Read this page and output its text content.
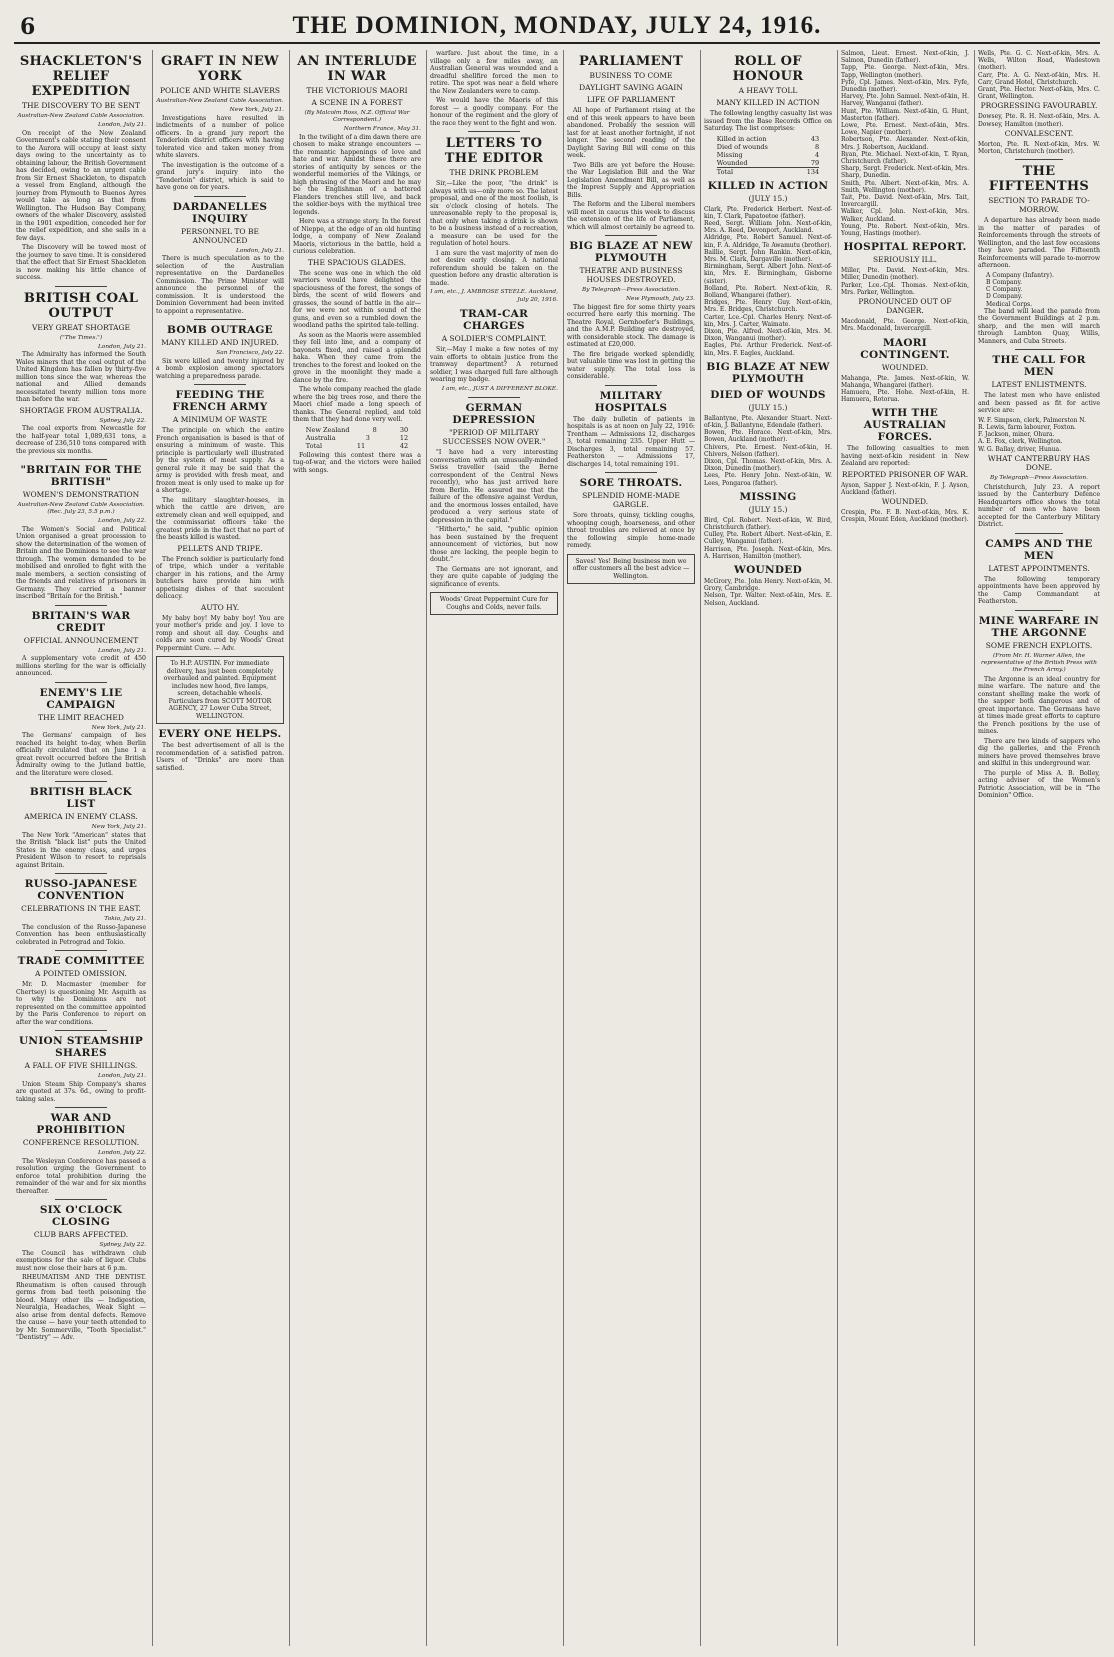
6	THE DOMINION, MONDAY, JULY 24, 1916.
SHACKLETON'S RELIEF EXPEDITION
THE DISCOVERY TO BE SENT
Australian-New Zealand Cable Association.
London, July 21.

On receipt of the New Zealand Government's cable stating their consent to the Aurora will occupy at least sixty days owing to the uncertainty as to obtaining labour, the British Government has decided, owing to an urgent cable from Sir Ernest Shackleton, to dispatch a vessel from England, although the journey from Plymouth to Buenos Ayres would take as long as that from Wellington. The Hudson Bay Company, owners of the whaler Discovery, assisted in the 1901 expedition, conceded her for the relief expedition, and she sails in a few days.

The Discovery will be towed most of the journey to save time. It is considered that the effect that Sir Ernest Shackleton is now making his little chance of success.

BRITISH COAL OUTPUT
VERY GREAT SHORTAGE
("The Times.")
London, July 21.

The Admiralty has informed the South Wales miners that the coal output of the United Kingdom has fallen by thirty-five million tons since the war, whereas the national and Allied demands necessitated twenty million tons more than before the war.

SHORTAGE FROM AUSTRALIA.
Sydney, July 22.

The coal exports from Newcastle for the half-year total 1,089,631 tons, a decrease of 236,510 tons compared with the previous six months.

"BRITAIN FOR THE BRITISH"
WOMEN'S DEMONSTRATION
Australian-New Zealand Cable Association. (Rec. July 23, 5.5 p.m.)
London, July 22.

The Women's Social and Political Union organised a great procession to show the determination of the women of Britain and the Dominions to see the war through. The women demanded to be mobilised and enrolled to fight with the male members, a section consisting of the friends and relatives of prisoners in Germany. They carried a banner inscribed "Britain for the British."

BRITAIN'S WAR CREDIT
OFFICIAL ANNOUNCEMENT
London, July 21.

A supplementary vote credit of 450 millions sterling for the war is officially announced.

ENEMY'S LIE CAMPAIGN
THE LIMIT REACHED
New York, July 21.

The Germans' campaign of lies reached its height to-day, when Berlin officially circulated that on June 1 a great revolt occurred before the British Admiralty owing to the Jutland battle, and the literature were closed.

BRITISH BLACK LIST
AMERICA IN ENEMY CLASS.
New York, July 21.

The New York "American" states that the British "black list" puts the United States in the enemy class, and urges President Wilson to resort to reprisals against Britain.

RUSSO-JAPANESE CONVENTION
CELEBRATIONS IN THE EAST.
Tokio, July 21.

The conclusion of the Russo-Japanese Convention has been enthusiastically celebrated in Petrograd and Tokio.

TRADE COMMITTEE
A POINTED OMISSION.

Mr. D. Macmaster (member for Chertsey) is questioning Mr. Asquith as to why the Dominions are not represented on the committee appointed by the Paris Conference to report on after the war conditions.

UNION STEAMSHIP SHARES
A FALL OF FIVE SHILLINGS.
London, July 21.

Union Steam Ship Company's shares are quoted at 37s. 6d., owing to profit-taking sales.

WAR AND PROHIBITION
CONFERENCE RESOLUTION.
London, July 22.

The Wesleyan Conference has passed a resolution urging the Government to enforce total prohibition during the remainder of the war and for six months thereafter.

SIX O'CLOCK CLOSING
CLUB BARS AFFECTED.
Sydney, July 22.

The Council has withdrawn club exemptions for the sale of liquor. Clubs must now close their bars at 6 p.m.

RHEUMATISM AND THE DENTIST. Rheumatism is often caused through germs from bad teeth poisoning the blood. Many other ills — Indigestion, Neuralgia, Headaches, Weak Sight — also arise from dental defects. Remove the cause — have your teeth attended to by Mr. Sommerville, "Tooth Specialist." "Dentistry" — Adv.

GRAFT IN NEW YORK
POLICE AND WHITE SLAVERS
Australian-New Zealand Cable Association.
New York, July 21.

Investigations have resulted in indictments of a number of police officers. In a grand jury report the Tenderloin district officers with having tolerated vice and taken money from white slavers.

The investigation is the outcome of a grand jury's inquiry into the "Tenderloin" district, which is said to have gone on for years.

DARDANELLES INQUIRY
PERSONNEL TO BE ANNOUNCED
London, July 21.

There is much speculation as to the selection of the Australian representative on the Dardanelles Commission. The Prime Minister will announce the personnel of the commission. It is understood the Dominion Government had been invited to appoint a representative.

BOMB OUTRAGE
MANY KILLED AND INJURED.
San Francisco, July 22.

Six were killed and twenty injured by a bomb explosion among spectators watching a preparedness parade.

FEEDING THE FRENCH ARMY
A MINIMUM OF WASTE

The principle on which the entire French organisation is based is that of ensuring a minimum of waste. This principle is particularly well illustrated by the system of meat supply. As a general rule it may be said that the army is provided with fresh meat, and frozen meat is only used to make up for a shortage.

The military slaughter-houses, in which the cattle are driven, are extremely clean and well equipped, and the commissariat officers take the greatest pride in the fact that no part of the beasts killed is wasted.

PELLETS AND TRIPE.

The French soldier is particularly fond of tripe, which under a veritable charger in his rations, and the Army butchers have provide him with appetising dishes of that succulent delicacy.

AUTO HY.

My baby boy! My baby boy! You are your mother's pride and joy. I love to romp and shout all day. Coughs and colds are soon cured by Woods' Great Peppermint Cure. — Adv.

To H.P. AUSTIN. For immediate delivery, has just been completely overhauled and painted. Equipment includes new hood, five lamps, screen, detachable wheels. Particulars from SCOTT MOTOR AGENCY, 27 Lower Cuba Street, WELLINGTON.
EVERY ONE HELPS.

The best advertisement of all is the recommendation of a satisfied patron. Users of "Drinks" are more than satisfied.

AN INTERLUDE IN WAR
THE VICTORIOUS MAORI
A SCENE IN A FOREST
(By Malcolm Ross, N.Z. Official War Correspondent.)
Northern France, May 31.

In the twilight of a dim dawn there are chosen to make strange encounters — the romantic happenings of love and hate and war. Amidst these there are stories of antiquity by sences or the wonderful memories of the Vikings, or high phrasing of the Maori and he may be the Englishman of a battered Flanders trenches still live, and back the soldier-boys with the mythical tree legends.

Here was a strange story. In the forest of Nieppe, at the edge of an old hunting lodge, a company of New Zealand Maoris, victorious in the battle, held a curious celebration.

THE SPACIOUS GLADES.

The scene was one in which the old warriors would have delighted the spaciousness of the forest, the songs of birds, the scent of wild flowers and grasses, the sound of battle in the air—for we were not within sound of the guns, and even so a rumbled down the woodland paths the spirited tale-telling.

As soon as the Maoris were assembled they fell into line, and a company of bayonets fixed, and raised a splendid haka. When they came from the trenches to the forest and looked on the grove in the moonlight they made a dance by the fire.

The whole company reached the glade where the big trees rose, and there the Maori chief made a long speech of thanks. The General replied, and told them that they had done very well.

New Zealand	8	30
Australia	3	12
Total	11	42

Following this contest there was a tug-of-war, and the victors were hailed with songs.

warfare. Just about the time, in a village only a few miles away, an Australian General was wounded and a dreadful shellfire forced the men to retire. The spot was near a field where the New Zealanders were to camp.

We would have the Maoris of this forest — a goodly company. For the honour of the regiment and the glory of the race they went to the fight and won.

LETTERS TO THE EDITOR
THE DRINK PROBLEM

Sir,—Like the poor, "the drink" is always with us—only more so. The latest proposal, and one of the most foolish, is six o'clock closing of hotels. The unreasonable reply to the proposal is, that only when taking a drink is shown to be a business instead of a recreation, a measure can be used for the regulation of hotel hours.

I am sure the vast majority of men do not desire early closing. A national referendum should be taken on the question before any drastic alteration is made.

I am, etc., J. AMBROSE STEELE. Auckland, July 20, 1916.
TRAM-CAR CHARGES
A SOLDIER'S COMPLAINT.

Sir,—May I make a few notes of my vain efforts to obtain justice from the tramway department? A returned soldier, I was charged full fare although wearing my badge.

I am, etc., JUST A DIFFERENT BLOKE.
GERMAN DEPRESSION
"PERIOD OF MILITARY SUCCESSES NOW OVER."

"I have had a very interesting conversation with an unusually-minded Swiss traveller (said the Berne correspondent of the Central News recently), who has just arrived here from Berlin. He assured me that the failure of the offensive against Verdun, and the enormous losses entailed, have produced a very serious state of depression in the capital."

"Hitherto," he said, "public opinion has been sustained by the frequent announcement of victories, but now those are lacking, the people begin to doubt."

The Germans are not ignorant, and they are quite capable of judging the significance of events.

Woods' Great Peppermint Cure for Coughs and Colds, never fails.
PARLIAMENT
BUSINESS TO COME
DAYLIGHT SAVING AGAIN
LIFE OF PARLIAMENT

All hope of Parliament rising at the end of this week appears to have been abandoned. Probably the session will last for at least another fortnight, if not longer. The second reading of the Daylight Saving Bill will come on this week.

Two Bills are yet before the House: the War Legislation Bill and the War Legislation Amendment Bill, as well as the Imprest Supply and Appropriation Bills.

The Reform and the Liberal members will meet in caucus this week to discuss the extension of the life of Parliament, which will almost certainly be agreed to.

BIG BLAZE AT NEW PLYMOUTH
THEATRE AND BUSINESS HOUSES DESTROYED.
By Telegraph—Press Association.
New Plymouth, July 23.

The biggest fire for some thirty years occurred here early this morning. The Theatre Royal, Gernhoefer's Buildings, and the A.M.P. Building are destroyed, with considerable stock. The damage is estimated at £20,000.

The fire brigade worked splendidly, but valuable time was lost in getting the water supply. The total loss is considerable.

MILITARY HOSPITALS

The daily bulletin of patients in hospitals is as at noon on July 22, 1916: Trentham — Admissions 12, discharges 3, total remaining 235. Upper Hutt — Discharges 3, total remaining 57. Featherston — Admissions 17, discharges 14, total remaining 191.

SORE THROATS.
SPLENDID HOME-MADE GARGLE.

Sore throats, quinsy, tickling coughs, whooping cough, hoarseness, and other throat troubles are relieved at once by the following simple home-made remedy.

Saves! Yes! Being business men we offer customers all the best advice — Wellington.
ROLL OF HONOUR
A HEAVY TOLL
MANY KILLED IN ACTION

The following lengthy casualty list was issued from the Base Records Office on Saturday. The list comprises:

Killed in action	43
Died of wounds	8
Missing	4
Wounded	79
Total	134
KILLED IN ACTION
(JULY 15.)
Clark, Pte. Frederick Herbert. Next-of-kin, T. Clark, Papatoetoe (father).
Reed, Sergt. William John. Next-of-kin, Mrs. A. Reed, Devonport, Auckland.
Aldridge, Pte. Robert Samuel. Next-of-kin, F. A. Aldridge, Te Awamutu (brother).
Baillie, Sergt. John Rankin. Next-of-kin, Mrs. M. Clark, Dargaville (mother).
Birmingham, Sergt. Albert John. Next-of-kin, Mrs. E. Birmingham, Gisborne (sister).
Bolland, Pte. Robert. Next-of-kin, R. Bolland, Whangarei (father).
Bridges, Pte. Henry Guy. Next-of-kin, Mrs. E. Bridges, Christchurch.
Carter, Lce.-Cpl. Charles Henry. Next-of-kin, Mrs. J. Carter, Waimate.
Dixon, Pte. Alfred. Next-of-kin, Mrs. M. Dixon, Wanganui (mother).
Eagles, Pte. Arthur Frederick. Next-of-kin, Mrs. F. Eagles, Auckland.
BIG BLAZE AT NEW PLYMOUTH
DIED OF WOUNDS
(JULY 15.)
Ballantyne, Pte. Alexander Stuart. Next-of-kin, J. Ballantyne, Edendale (father).
Bowen, Pte. Horace. Next-of-kin, Mrs. Bowen, Auckland (mother).
Chivers, Pte. Ernest. Next-of-kin, H. Chivers, Nelson (father).
Dixon, Cpl. Thomas. Next-of-kin, Mrs. A. Dixon, Dunedin (mother).
Lees, Pte. Henry John. Next-of-kin, W. Lees, Pongaroa (father).
MISSING
(JULY 15.)
Bird, Cpl. Robert. Next-of-kin, W. Bird, Christchurch (father).
Culley, Pte. Robert Albert. Next-of-kin, E. Culley, Wanganui (father).
Harrison, Pte. Joseph. Next-of-kin, Mrs. A. Harrison, Hamilton (mother).
WOUNDED
McGrory, Pte. John Henry. Next-of-kin, M. Grory, Cambridge.
Nelson, Tpr. Walter. Next-of-kin, Mrs. E. Nelson, Auckland.
Salmon, Lieut. Ernest. Next-of-kin, J. Salmon, Dunedin (father).
Tapp, Pte. George. Next-of-kin, Mrs. Tapp, Wellington (mother).
Fyfe, Cpl. James. Next-of-kin, Mrs. Fyfe, Dunedin (mother).
Harvey, Pte. John Samuel. Next-of-kin, H. Harvey, Wanganui (father).
Hunt, Pte. William. Next-of-kin, G. Hunt, Masterton (father).
Lowe, Pte. Ernest. Next-of-kin, Mrs. Lowe, Napier (mother).
Robertson, Pte. Alexander. Next-of-kin, Mrs. J. Robertson, Auckland.
Ryan, Pte. Michael. Next-of-kin, T. Ryan, Christchurch (father).
Sharp, Sergt. Frederick. Next-of-kin, Mrs. Sharp, Dunedin.
Smith, Pte. Albert. Next-of-kin, Mrs. A. Smith, Wellington (mother).
Tait, Pte. David. Next-of-kin, Mrs. Tait, Invercargill.
Walker, Cpl. John. Next-of-kin, Mrs. Walker, Auckland.
Young, Pte. Robert. Next-of-kin, Mrs. Young, Hastings (mother).
HOSPITAL REPORT.
SERIOUSLY ILL.
Miller, Pte. David. Next-of-kin, Mrs. Miller, Dunedin (mother).
Parker, Lce.-Cpl. Thomas. Next-of-kin, Mrs. Parker, Wellington.
PRONOUNCED OUT OF DANGER.
Macdonald, Pte. George. Next-of-kin, Mrs. Macdonald, Invercargill.
MAORI CONTINGENT.
WOUNDED.
Mahanga, Pte. James. Next-of-kin, W. Mahanga, Whangarei (father).
Hamuera, Pte. Hohe. Next-of-kin, H. Hamuera, Rotorua.
WITH THE AUSTRALIAN FORCES.

The following casualties to men having next-of-kin resident in New Zealand are reported:

REPORTED PRISONER OF WAR.
Ayson, Sapper J. Next-of-kin, F. J. Ayson, Auckland (father).
WOUNDED.
Crespin, Pte. F. B. Next-of-kin, Mrs. K. Crespin, Mount Eden, Auckland (mother).
Wells, Pte. G. C. Next-of-kin, Mrs. A. Wells, Wilton Road, Wadestown (mother).
Carr, Pte. A. G. Next-of-kin, Mrs. H. Carr, Grand Hotel, Christchurch.
Grant, Pte. Hector. Next-of-kin, Mrs. C. Grant, Wellington.
PROGRESSING FAVOURABLY.
Dowsey, Pte. R. H. Next-of-kin, Mrs. A. Dowsey, Hamilton (mother).
CONVALESCENT.
Morton, Pte. R. Next-of-kin, Mrs. W. Morton, Christchurch (mother).
THE FIFTEENTHS
SECTION TO PARADE TO-MORROW.

A departure has already been made in the matter of parades of Reinforcements through the streets of Wellington, and the last few occasions they have paraded. The Fifteenth Reinforcements will parade to-morrow afternoon.

A Company (Infantry).
B Company.
C Company.
D Company.
Medical Corps.

The band will lead the parade from the Government Buildings at 2 p.m. sharp, and the men will march through Lambton Quay, Willis, Manners, and Cuba Streets.

THE CALL FOR MEN
LATEST ENLISTMENTS.

The latest men who have enlisted and been passed as fit for active service are:

W. F. Simpson, clerk, Palmerston N.
R. Lewis, farm labourer, Foxton.
F. Jackson, miner, Ohura.
A. E. Fox, clerk, Wellington.
W. G. Ballay, driver, Hunua.
WHAT CANTERBURY HAS DONE.
By Telegraph—Press Association.

Christchurch, July 23. A report issued by the Canterbury Defence Headquarters office shows the total number of men who have been accepted for the Canterbury Military District.

CAMPS AND THE MEN
LATEST APPOINTMENTS.

The following temporary appointments have been approved by the Camp Commandant at Featherston.

MINE WARFARE IN THE ARGONNE
SOME FRENCH EXPLOITS.
(From Mr. H. Warner Allen, the representative of the British Press with the French Army.)

The Argonne is an ideal country for mine warfare. The nature and the constant shelling make the work of the sapper both dangerous and of great importance. The Germans have at times made great efforts to capture the French positions by the use of mines.

There are two kinds of sappers who dig the galleries, and the French miners have proved themselves brave and skilful in this underground war.

The purple of Miss A. B. Bolley, acting adviser of the Women's Patriotic Association, will be in "The Dominion" Office.
